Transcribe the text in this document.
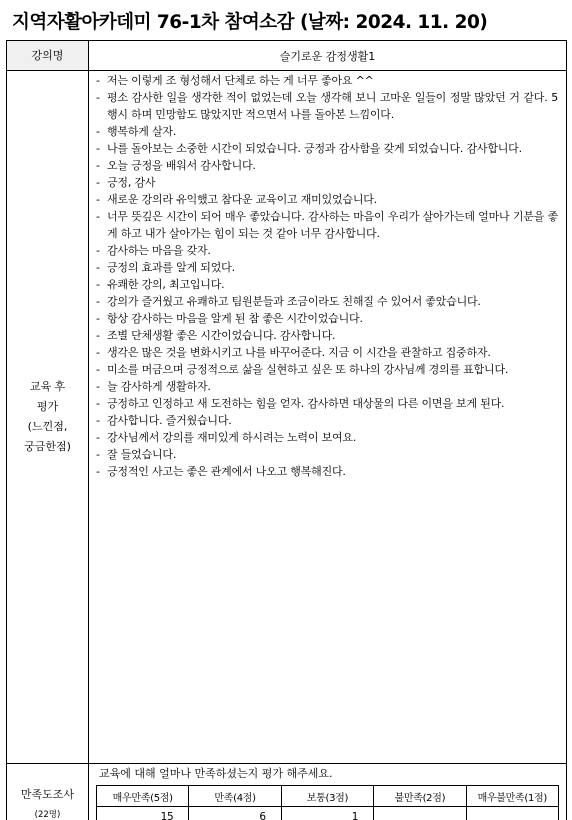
지역자활아카데미 76-1차 참여소감 (날짜: 2024. 11. 20)
강의명	슬기로운 감정생활1

교육 후
평가
(느낀점,
궁금한점)

- 저는 이렇게 조 형성해서 단체로 하는 게 너무 좋아요 ^^
- 평소 감사한 일을 생각한 적이 없었는데 오늘 생각해 보니 고마운 일들이 정말 많았던 거 같다. 5행시 하며 민망함도 많았지만 적으면서 나를 돌아본 느낌이다.
- 행복하게 살자.
- 나를 돌아보는 소중한 시간이 되었습니다. 긍정과 감사함을 갖게 되었습니다. 감사합니다.
- 오늘 긍정을 배워서 감사합니다.
- 긍정, 감사
- 새로운 강의라 유익했고 참다운 교육이고 재미있었습니다.
- 너무 뜻깊은 시간이 되어 매우 좋았습니다. 감사하는 마음이 우리가 살아가는데 얼마나 기분을 좋게 하고 내가 살아가는 힘이 되는 것 같아 너무 감사합니다.
- 감사하는 마음을 갖자.
- 긍정의 효과를 알게 되었다.
- 유쾌한 강의, 최고입니다.
- 강의가 즐거웠고 유쾌하고 팀원분들과 조금이라도 친해질 수 있어서 좋았습니다.
- 항상 감사하는 마음을 알게 된 참 좋은 시간이었습니다.
- 조별 단체생활 좋은 시간이었습니다. 감사합니다.
- 생각은 많은 것을 변화시키고 나를 바꾸어준다. 지금 이 시간을 관찰하고 집중하자.
- 미소를 머금으며 긍정적으로 삶을 실현하고 싶은 또 하나의 강사님께 경의를 표합니다.
- 늘 감사하게 생활하자.
- 긍정하고 인정하고 새 도전하는 힘을 얻자. 감사하면 대상물의 다른 이면을 보게 된다.
- 감사합니다. 즐거웠습니다.
- 강사님께서 강의를 재미있게 하시려는 노력이 보여요.
- 잘 들었습니다.
- 긍정적인 사고는 좋은 관계에서 나오고 행복해진다.

만족도조사
(22명)

교육에 대해 얼마나 만족하셨는지 평가 해주세요.
매우만족(5점)	만족(4점)	보통(3점)	불만족(2점)	매우불만족(1점)
15	6	1		
